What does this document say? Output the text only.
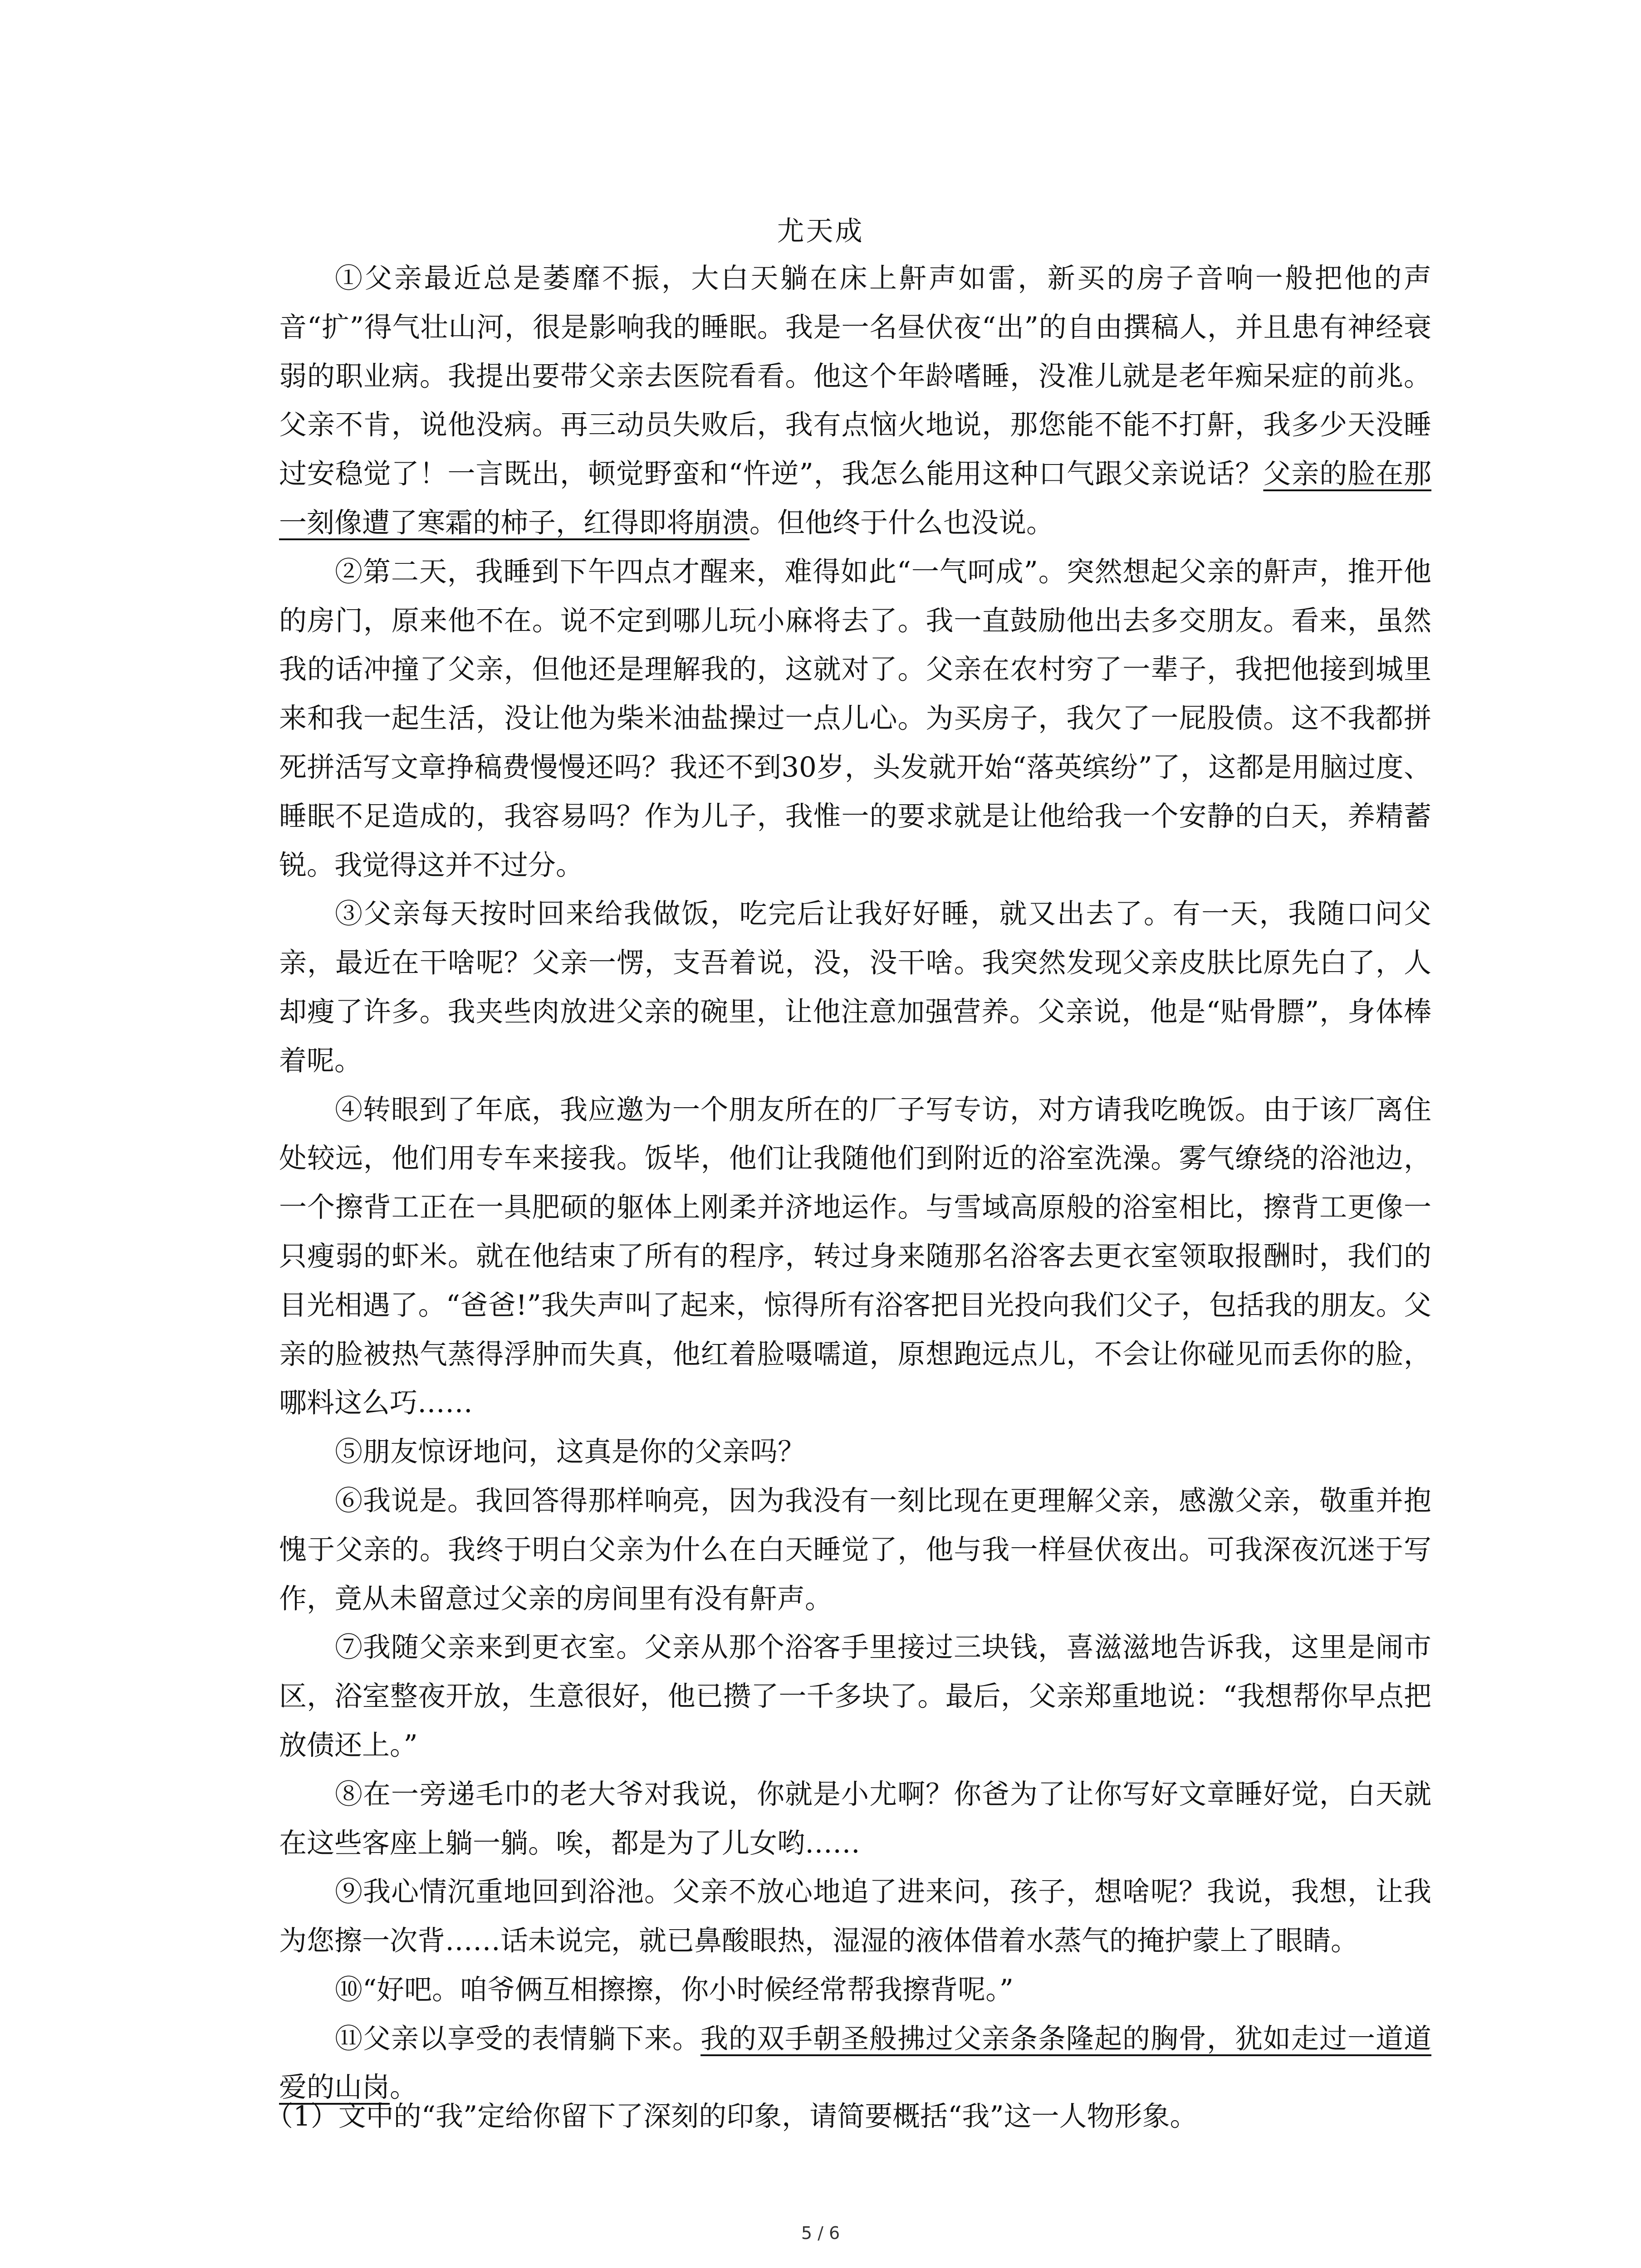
尤天成

①父亲最近总是萎靡不振，大白天躺在床上鼾声如雷，新买的房子音响一般把他的声音“扩”得气壮山河，很是影响我的睡眠。我是一名昼伏夜“出”的自由撰稿人，并且患有神经衰弱的职业病。我提出要带父亲去医院看看。他这个年龄嗜睡，没准儿就是老年痴呆症的前兆。父亲不肯，说他没病。再三动员失败后，我有点恼火地说，那您能不能不打鼾，我多少天没睡过安稳觉了！一言既出，顿觉野蛮和“忤逆”，我怎么能用这种口气跟父亲说话？父亲的脸在那一刻像遭了寒霜的柿子，红得即将崩溃。但他终于什么也没说。

②第二天，我睡到下午四点才醒来，难得如此“一气呵成”。突然想起父亲的鼾声，推开他的房门，原来他不在。说不定到哪儿玩小麻将去了。我一直鼓励他出去多交朋友。看来，虽然我的话冲撞了父亲，但他还是理解我的，这就对了。父亲在农村穷了一辈子，我把他接到城里来和我一起生活，没让他为柴米油盐操过一点儿心。为买房子，我欠了一屁股债。这不我都拼死拼活写文章挣稿费慢慢还吗？我还不到30岁，头发就开始“落英缤纷”了，这都是用脑过度、睡眠不足造成的，我容易吗？作为儿子，我惟一的要求就是让他给我一个安静的白天，养精蓄锐。我觉得这并不过分。

③父亲每天按时回来给我做饭，吃完后让我好好睡，就又出去了。有一天，我随口问父亲，最近在干啥呢？父亲一愣，支吾着说，没，没干啥。我突然发现父亲皮肤比原先白了，人却瘦了许多。我夹些肉放进父亲的碗里，让他注意加强营养。父亲说，他是“贴骨膘”，身体棒着呢。

④转眼到了年底，我应邀为一个朋友所在的厂子写专访，对方请我吃晚饭。由于该厂离住处较远，他们用专车来接我。饭毕，他们让我随他们到附近的浴室洗澡。雾气缭绕的浴池边，一个擦背工正在一具肥硕的躯体上刚柔并济地运作。与雪域高原般的浴室相比，擦背工更像一只瘦弱的虾米。就在他结束了所有的程序，转过身来随那名浴客去更衣室领取报酬时，我们的目光相遇了。“爸爸!”我失声叫了起来，惊得所有浴客把目光投向我们父子，包括我的朋友。父亲的脸被热气蒸得浮肿而失真，他红着脸嗫嚅道，原想跑远点儿，不会让你碰见而丢你的脸，哪料这么巧……

⑤朋友惊讶地问，这真是你的父亲吗？

⑥我说是。我回答得那样响亮，因为我没有一刻比现在更理解父亲，感激父亲，敬重并抱愧于父亲的。我终于明白父亲为什么在白天睡觉了，他与我一样昼伏夜出。可我深夜沉迷于写作，竟从未留意过父亲的房间里有没有鼾声。

⑦我随父亲来到更衣室。父亲从那个浴客手里接过三块钱，喜滋滋地告诉我，这里是闹市区，浴室整夜开放，生意很好，他已攒了一千多块了。最后，父亲郑重地说：“我想帮你早点把放债还上。”

⑧在一旁递毛巾的老大爷对我说，你就是小尤啊？你爸为了让你写好文章睡好觉，白天就在这些客座上躺一躺。唉，都是为了儿女哟……

⑨我心情沉重地回到浴池。父亲不放心地追了进来问，孩子，想啥呢？我说，我想，让我为您擦一次背……话未说完，就已鼻酸眼热，湿湿的液体借着水蒸气的掩护蒙上了眼睛。

⑩“好吧。咱爷俩互相擦擦，你小时候经常帮我擦背呢。”

⑪父亲以享受的表情躺下来。我的双手朝圣般拂过父亲条条隆起的胸骨，犹如走过一道道爱的山岗。

（1）文中的“我”定给你留下了深刻的印象，请简要概括“我”这一人物形象。
5 / 6
